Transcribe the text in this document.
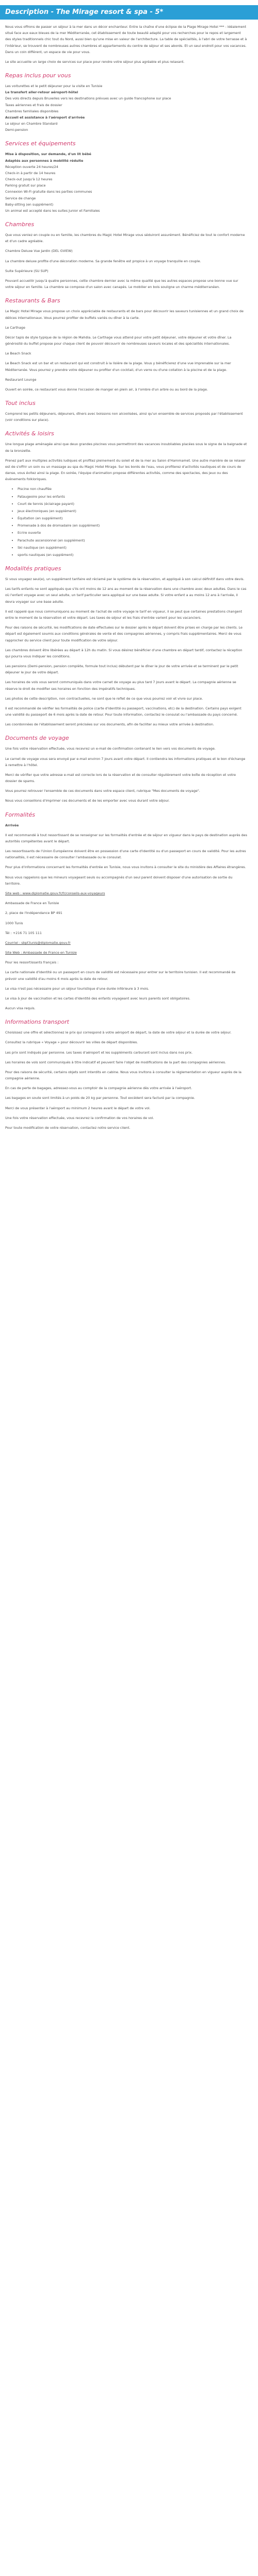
Description - The Mirage resort & spa - 5*

Nous vous offrons de passer un séjour à la mer dans un décor enchanteur. Entre la chaîne d'une éclipse de la Plage Mirage Hotel *** - Idéalement situé face aux eaux bleues de la mer Méditerranée, cet établissement de toute beauté adapté pour vos recherches pour le repos et largement des styles traditionnels chic tout du Nord, aussi bien qu'une mise en valeur de l'architecture. La table de spécialités, à l'abri de votre terrasse et à l'intérieur, se trouvent de nombreuses autres chambres et appartements du centre de séjour et ses abords. Et un seul endroit pour vos vacances. Dans un coin différent, un espace de vie pour vous.

Le site accueille un large choix de services sur place pour rendre votre séjour plus agréable et plus relaxant.

Repas inclus pour vous
Les voiturettes et le petit déjeuner pour la visite en Tunisie
Le transfert aller-retour aéroport-hôtel
Des vols directs depuis Bruxelles vers les destinations prévues avec un guide francophone sur place
Taxes aériennes et frais de dossier
Chambres familiales disponibles
Accueil et assistance à l'aéroport d'arrivée
Le séjour en Chambre Standard
Demi-pension
Services et équipements
Mise à disposition, sur demande, d'un lit bébé
Adaptés aux personnes à mobilité réduite
Réception ouverte 24 heures/24
Check-in à partir de 14 heures
Check-out jusqu'à 12 heures
Parking gratuit sur place
Connexion Wi-Fi gratuite dans les parties communes
Service de change
Baby-sitting (en supplément)
Un animal est accepté dans les suites Junior et Familiales
Chambres

Que vous veniez en couple ou en famille, les chambres du Magic Hotel Mirage vous séduiront assurément. Bénéficiez de tout le confort moderne et d'un cadre agréable.

Chambre Deluxe Vue Jardin (DEL GVIEW)

La chambre deluxe profite d'une décoration moderne. Sa grande fenêtre est propice à un voyage tranquille en couple.

Suite Supérieure (SU SUP)

Pouvant accueillir jusqu'à quatre personnes, cette chambre dernier avec la même qualité que les autres espaces propose une bonne vue sur votre séjour en famille. La chambre se compose d'un salon avec canapés. Le mobilier en bois souligne un charme méditerranéen.

Restaurants & Bars

Le Magic Hotel Mirage vous propose un choix appréciable de restaurants et de bars pour découvrir les saveurs tunisiennes et un grand choix de délices internationaux. Vous pourrez profiter de buffets variés ou dîner à la carte.

Le Carthage

Décor tapis de style typique de la région de Mahdia. Le Carthage vous attend pour votre petit déjeuner, votre déjeuner et votre dîner. La générosité du buffet propose pour chaque client de pouvoir découvrir de nombreuses saveurs locales et des spécialités internationales.

Le Beach Snack

Le Beach Snack est un bar et un restaurant qui est construit à la lisière de la plage. Vous y bénéficierez d'une vue imprenable sur la mer Méditerranée. Vous pourrez y prendre votre déjeuner ou profiter d'un cocktail, d'un verre ou d'une collation à la piscine et de la plage.

Restaurant Lounge

Ouvert en soirée, ce restaurant vous donne l'occasion de manger en plein air, à l'ombre d'un arbre ou au bord de la plage.

Tout inclus

Comprend les petits déjeuners, déjeuners, dîners avec boissons non alcoolisées, ainsi qu'un ensemble de services proposés par l'établissement (voir conditions sur place).

Activités & loisirs

Une longue plage aménagée ainsi que deux grandes piscines vous permettront des vacances inoubliables placées sous le signe de la baignade et de la bronzette.

Prenez part aux multiples activités ludiques et profitez pleinement du soleil et de la mer au Salon d'Hammamet. Une autre manière de se relaxer est de s'offrir un soin ou un massage au spa du Magic Hotel Mirage. Sur les bords de l'eau, vous profiterez d'activités nautiques et de cours de danse, vous évitez ainsi la plage. En soirée, l'équipe d'animation propose différentes activités, comme des spectacles, des jeux ou des événements folkloriques.

• Piscine non chauffée
• Pataugeoire pour les enfants
• Court de tennis (éclairage payant)
• Jeux électroniques (en supplément)
• Équitation (en supplément)
• Promenade à dos de dromadaire (en supplément)
• Ecrire ouverte
• Parachute ascensionnel (en supplément)
• Ski nautique (en supplément)
• sports nautiques (en supplément)
Modalités pratiques

Si vous voyagez seul(e), un supplément tarifaire est réclamé par le système de la réservation, et appliqué à son calcul définitif dans votre devis.

Les tarifs enfants ne sont appliqués que s'ils ont moins de 12 ans au moment de la réservation dans une chambre avec deux adultes. Dans le cas où l'enfant voyage avec un seul adulte, un tarif particulier sera appliqué sur une base adulte. Si votre enfant a au moins 12 ans à l'arrivée, il devra voyager sur une base adulte.

Il est rappelé que nous communiquons au moment de l'achat de votre voyage le tarif en vigueur, il se peut que certaines prestations changent entre le moment de la réservation et votre départ. Les taxes de séjour et les frais d'entrée varient pour les vacanciers.

Pour des raisons de sécurité, les modifications de date effectuées sur le dossier après le départ doivent être prises en charge par les clients. Le départ est également soumis aux conditions générales de vente et des compagnies aériennes, y compris frais supplémentaires. Merci de vous rapprocher du service client pour toute modification de votre séjour.

Les chambres doivent être libérées au départ à 12h du matin. Si vous désirez bénéficier d'une chambre en départ tardif, contactez la réception qui pourra vous indiquer les conditions.

Les pensions (Demi-pension, pension complète, formule tout inclus) débutent par le dîner le jour de votre arrivée et se terminent par le petit déjeuner le jour de votre départ.

Les horaires de vols vous seront communiqués dans votre carnet de voyage au plus tard 7 jours avant le départ. La compagnie aérienne se réserve le droit de modifier ses horaires en fonction des impératifs techniques.

Les photos de cette description, non contractuelles, ne sont que le reflet de ce que vous pourrez voir et vivre sur place.

Il est recommandé de vérifier les formalités de police (carte d'identité ou passeport, vaccinations, etc) de la destination. Certains pays exigent une validité du passeport de 6 mois après la date de retour. Pour toute information, contactez le consulat ou l'ambassade du pays concerné.

Les coordonnées de l'établissement seront précisées sur vos documents, afin de faciliter au mieux votre arrivée à destination.

Documents de voyage

Une fois votre réservation effectuée, vous recevrez un e-mail de confirmation contenant le lien vers vos documents de voyage.

Le carnet de voyage vous sera envoyé par e-mail environ 7 jours avant votre départ. Il contiendra les informations pratiques et le bon d'échange à remettre à l'hôtel.

Merci de vérifier que votre adresse e-mail est correcte lors de la réservation et de consulter régulièrement votre boîte de réception et votre dossier de spams.

Vous pourrez retrouver l'ensemble de ces documents dans votre espace client, rubrique "Mes documents de voyage".

Nous vous conseillons d'imprimer ces documents et de les emporter avec vous durant votre séjour.

Formalités

Arrivée

Il est recommandé à tout ressortissant de se renseigner sur les formalités d'entrée et de séjour en vigueur dans le pays de destination auprès des autorités compétentes avant le départ.

Les ressortissants de l'Union Européenne doivent être en possession d'une carte d'identité ou d'un passeport en cours de validité. Pour les autres nationalités, il est nécessaire de consulter l'ambassade ou le consulat.

Pour plus d'informations concernant les formalités d'entrée en Tunisie, nous vous invitons à consulter le site du ministère des Affaires étrangères.

Nous vous rappelons que les mineurs voyageant seuls ou accompagnés d'un seul parent doivent disposer d'une autorisation de sortie du territoire.

Site web : www.diplomatie.gouv.fr/fr/conseils-aux-voyageurs

Ambassade de France en Tunisie

2, place de l'Indépendance BP 491

1000 Tunis

Tél : +216 71 105 111

Courriel : sbpf.tunis@diplomatie.gouv.fr

Site Web : Ambassade de France en Tunisie

Pour les ressortissants français :

La carte nationale d'identité ou un passeport en cours de validité est nécessaire pour entrer sur le territoire tunisien. Il est recommandé de prévoir une validité d'au moins 6 mois après la date de retour.

Le visa n'est pas nécessaire pour un séjour touristique d'une durée inférieure à 3 mois.

Le visa à jour de vaccination et les cartes d'identité des enfants voyageant avec leurs parents sont obligatoires.

Aucun visa requis.

Informations transport

Choisissez une offre et sélectionnez le prix qui correspond à votre aéroport de départ, la date de votre séjour et la durée de votre séjour.

Consultez la rubrique « Voyage » pour découvrir les villes de départ disponibles.

Les prix sont indiqués par personne. Les taxes d'aéroport et les suppléments carburant sont inclus dans nos prix.

Les horaires de vols sont communiqués à titre indicatif et peuvent faire l'objet de modifications de la part des compagnies aériennes.

Pour des raisons de sécurité, certains objets sont interdits en cabine. Nous vous invitons à consulter la réglementation en vigueur auprès de la compagnie aérienne.

En cas de perte de bagages, adressez-vous au comptoir de la compagnie aérienne dès votre arrivée à l'aéroport.

Les bagages en soute sont limités à un poids de 20 kg par personne. Tout excédent sera facturé par la compagnie.

Merci de vous présenter à l'aéroport au minimum 2 heures avant le départ de votre vol.

Une fois votre réservation effectuée, vous recevrez la confirmation de vos horaires de vol.

Pour toute modification de votre réservation, contactez notre service client.
